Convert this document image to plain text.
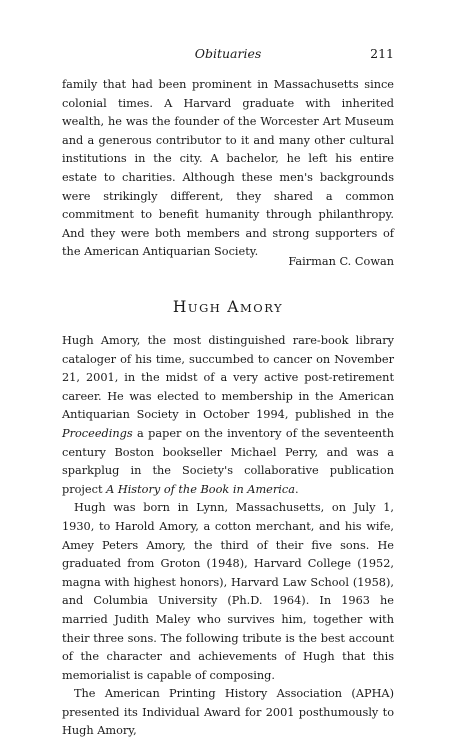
Obituaries	211

family that had been prominent in Massachusetts since colonial times. A Harvard graduate with inherited wealth, he was the founder of the Worcester Art Museum and a generous contributor to it and many other cultural institutions in the city. A bachelor, he left his entire estate to charities. Although these men's backgrounds were strikingly different, they shared a common commitment to benefit humanity through philanthropy. And they were both members and strong supporters of the American Antiquarian Society.

Fairman C. Cowan
HUGH AMORY

Hugh Amory, the most distinguished rare-book library cataloger of his time, succumbed to cancer on November 21, 2001, in the midst of a very active post-retirement career. He was elected to membership in the American Antiquarian Society in October 1994, published in the Proceedings a paper on the inventory of the seventeenth century Boston bookseller Michael Perry, and was a sparkplug in the Society's collaborative publication project A History of the Book in America.

Hugh was born in Lynn, Massachusetts, on July 1, 1930, to Harold Amory, a cotton merchant, and his wife, Amey Peters Amory, the third of their five sons. He graduated from Groton (1948), Harvard College (1952, magna with highest honors), Harvard Law School (1958), and Columbia University (Ph.D. 1964). In 1963 he married Judith Maley who survives him, together with their three sons. The following tribute is the best account of the character and achievements of Hugh that this memorialist is capable of composing.

The American Printing History Association (APHA) presented its Individual Award for 2001 posthumously to Hugh Amory,
